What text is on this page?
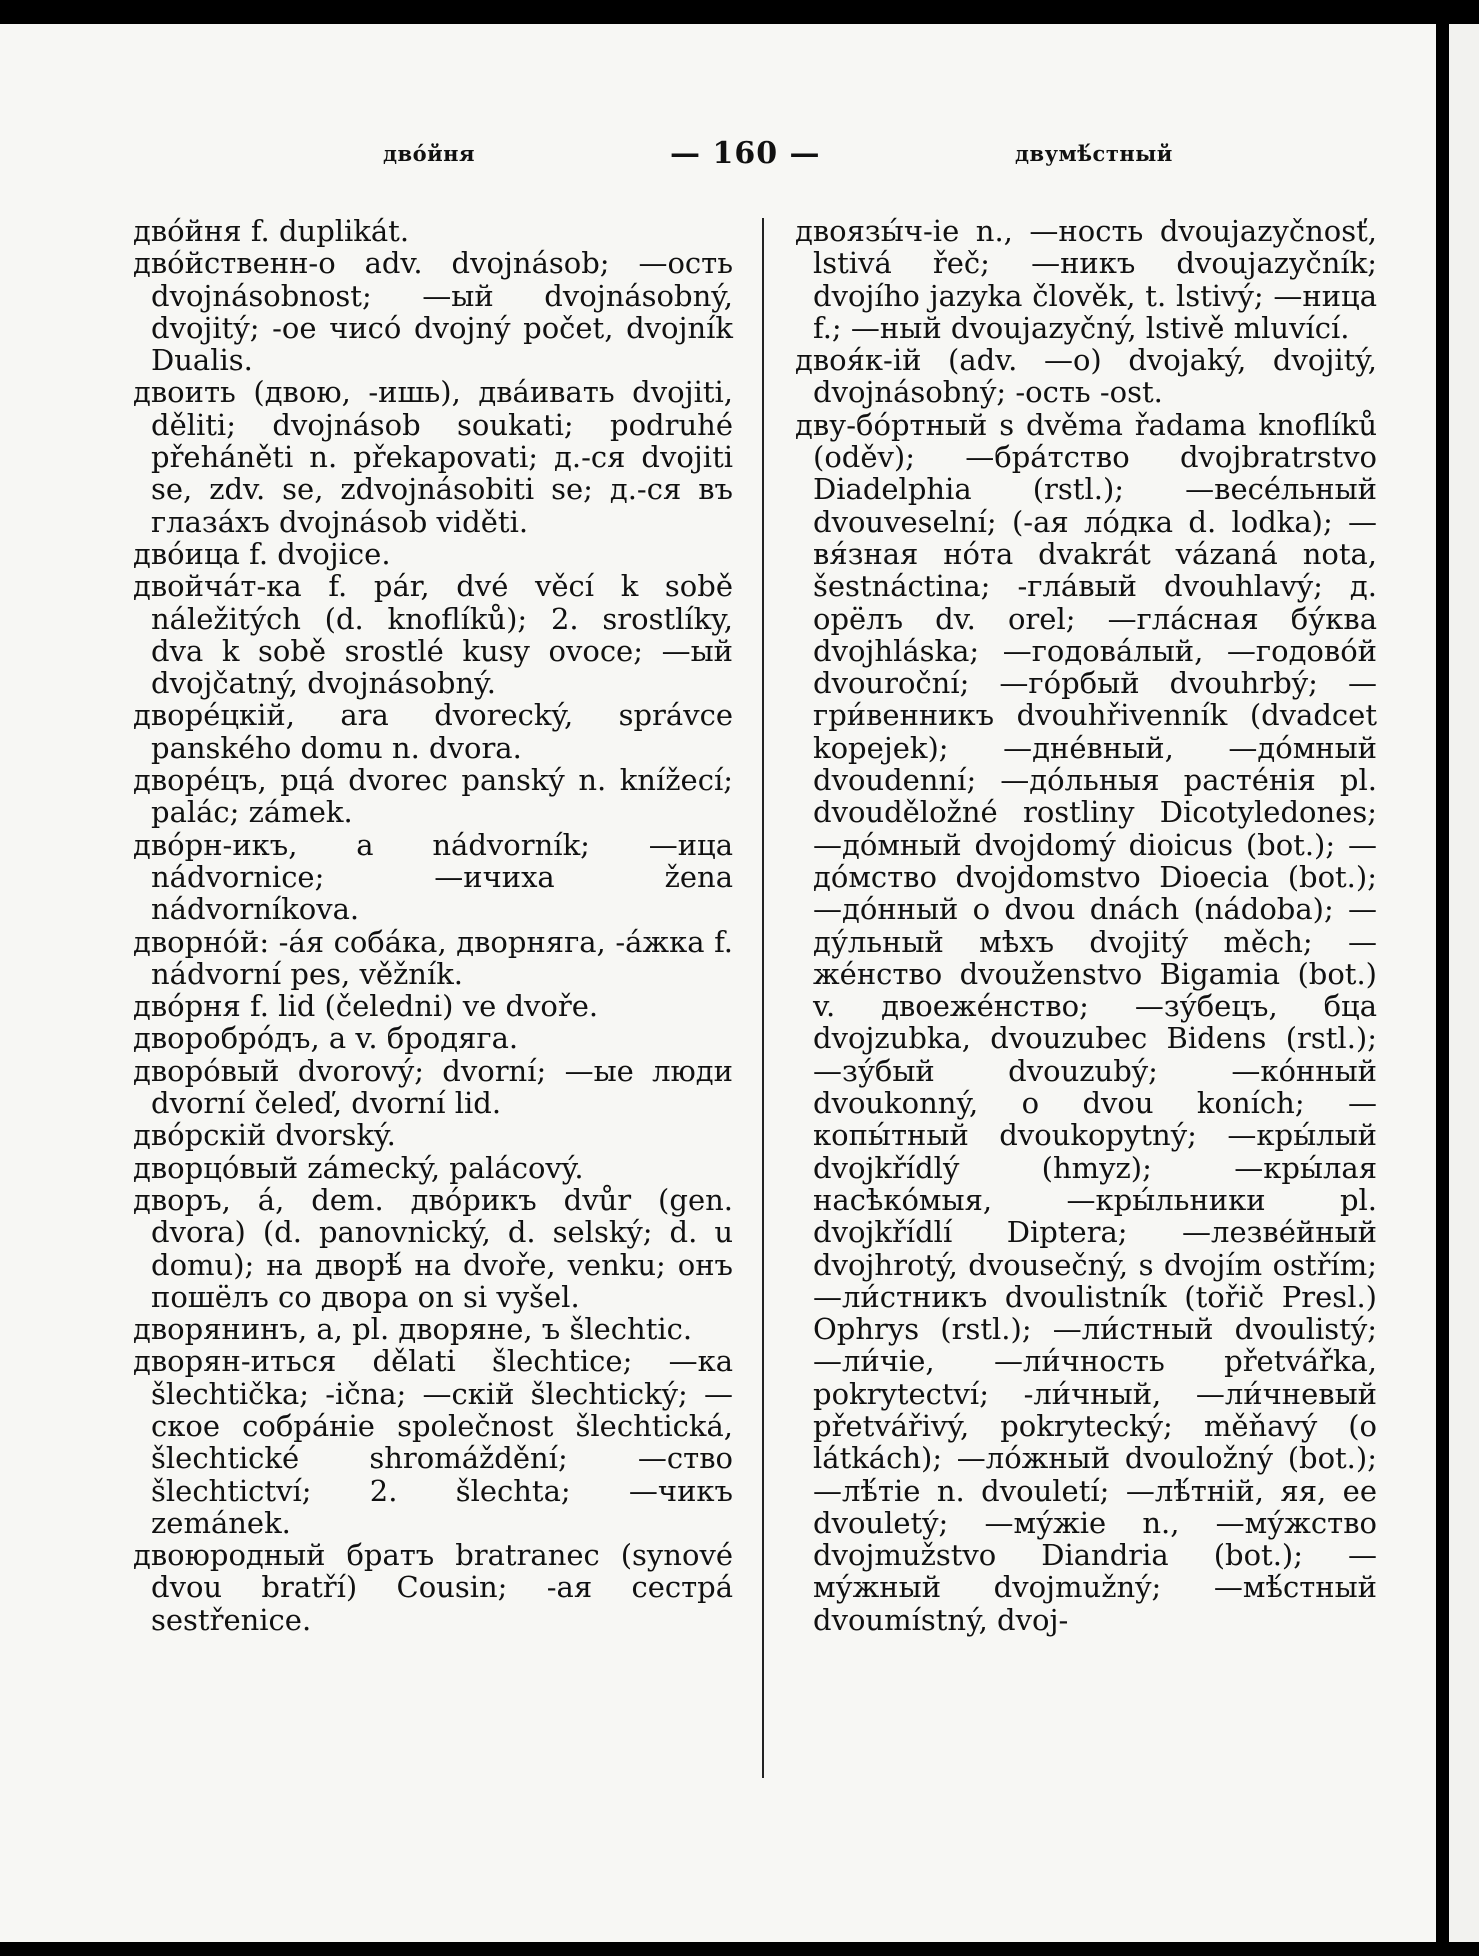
двóйня	— 160 —	двумѣ́стный

двóйня f. duplikát.

двóйственн-о adv. dvojnásob; —ость dvojnásobnost; —ый dvojnásobný, dvojitý; -ое чисó dvojný počet, dvojník Dualis.

двоить (двою, -ишь), двáивать dvojiti, děliti; dvojnásob soukati; podruhé přeháněti n. překapovati; д.-ся dvojiti se, zdv. se, zdvojnásobiti se; д.-ся въ глазáхъ dvojnásob viděti.

двóица f. dvojice.

двойчáт-ка f. pár, dvé věcí k sobě náležitých (d. knoflíků); 2. srostlíky, dva k sobě srostlé kusy ovoce; —ый dvojčatný, dvojnásobný.

дворéцкій, ara dvorecký, správce panského domu n. dvora.

дворéцъ, рцá dvorec panský n. knížecí; palác; zámek.

двóрн-икъ, a nádvorník; —ица nádvornice; —ичиха žena nádvorníkova.

дворнóй: -áя собáка, дворняга, -áжка f. nádvorní pes, věžník.

двóрня f. lid (čeledni) ve dvoře.

дворобрóдъ, a v. бродяга.

дворóвый dvorový; dvorní; —ые люди dvorní čeleď, dvorní lid.

двóрскій dvorský.

дворцóвый zámecký, palácový.

дворъ, á, dem. двóрикъ dvůr (gen. dvora) (d. panovnický, d. selský; d. u domu); на дворѣ́ на dvoře, venku; онъ пошёлъ со двора on si vyšel.

дворянинъ, a, pl. дворяне, ъ šlechtic.

дворян-иться dělati šlechtice; —ка šlechtička; -ična; —скій šlechtický; —ское собрáніе společnost šlechtická, šlechtické shromáždění; —ство šlechtictví; 2. šlechta; —чикъ zemánek.

двоюродный братъ bratranec (synové dvou bratří) Cousin; -ая сестрá sestřenice.

двоязы́ч-іе n., —ность dvoujazyčnosť, lstivá řeč; —никъ dvoujazyčník; dvojího jazyka člověk, t. lstivý; —ница f.; —ный dvoujazyčný, lstivě mluvící.

двоя́к-ій (adv. —о) dvojaký, dvojitý, dvojnásobný; -ость -ost.

дву-бóртный s dvěma řadama knoflíků (oděv); —брáтство dvojbratrstvo Diadelphia (rstl.); —весéльный dvouveselní; (-ая лóдка d. lodka); —вя́зная нóта dvakrát vázaná nota, šestnáctina; -глáвый dvouhlavý; д. орёлъ dv. orel; —глáсная бу́ква dvojhláska; —годовáлый, —годовóй dvouroční; —гóрбый dvouhrbý; —гри́венникъ dvouhřivenník (dvadcet kopejek); —днéвный, —дóмный dvoudenní; —дóльныя растéнія pl. dvouděložné rostliny Dicotyledones; —дóмный dvojdomý dioicus (bot.); —дóмство dvojdomstvo Dioecia (bot.); —дóнный o dvou dnách (nádoba); —ду́льный мѣхъ dvojitý měch; —жéнство dvouženstvo Bigamia (bot.) v. двоежéнство; —зу́бецъ, бца dvojzubka, dvouzubec Bidens (rstl.); —зу́бый dvouzubý; —кóнный dvoukonný, o dvou koních; —копы́тный dvoukopytný; —кры́лый dvojkřídlý (hmyz); —кры́лая насѣкóмыя, —кры́льники pl. dvojkřídlí Diptera; —лезвéйный dvojhrotý, dvousečný, s dvojím ostřím; —ли́стникъ dvoulistník (tořič Presl.) Ophrys (rstl.); —ли́стный dvoulistý; —ли́чіе, —ли́чность přetvářka, pokrytectví; -ли́чный, —ли́чневый přetvářivý, pokrytecký; měňavý (o látkách); —лóжный dvouložný (bot.); —лѣ́тіе n. dvouletí; —лѣ́тній, яя, ее dvouletý; —му́жіе n., —му́жство dvojmužstvo Diandria (bot.); —му́жный dvojmužný; —мѣ́стный dvoumístný, dvoj-
